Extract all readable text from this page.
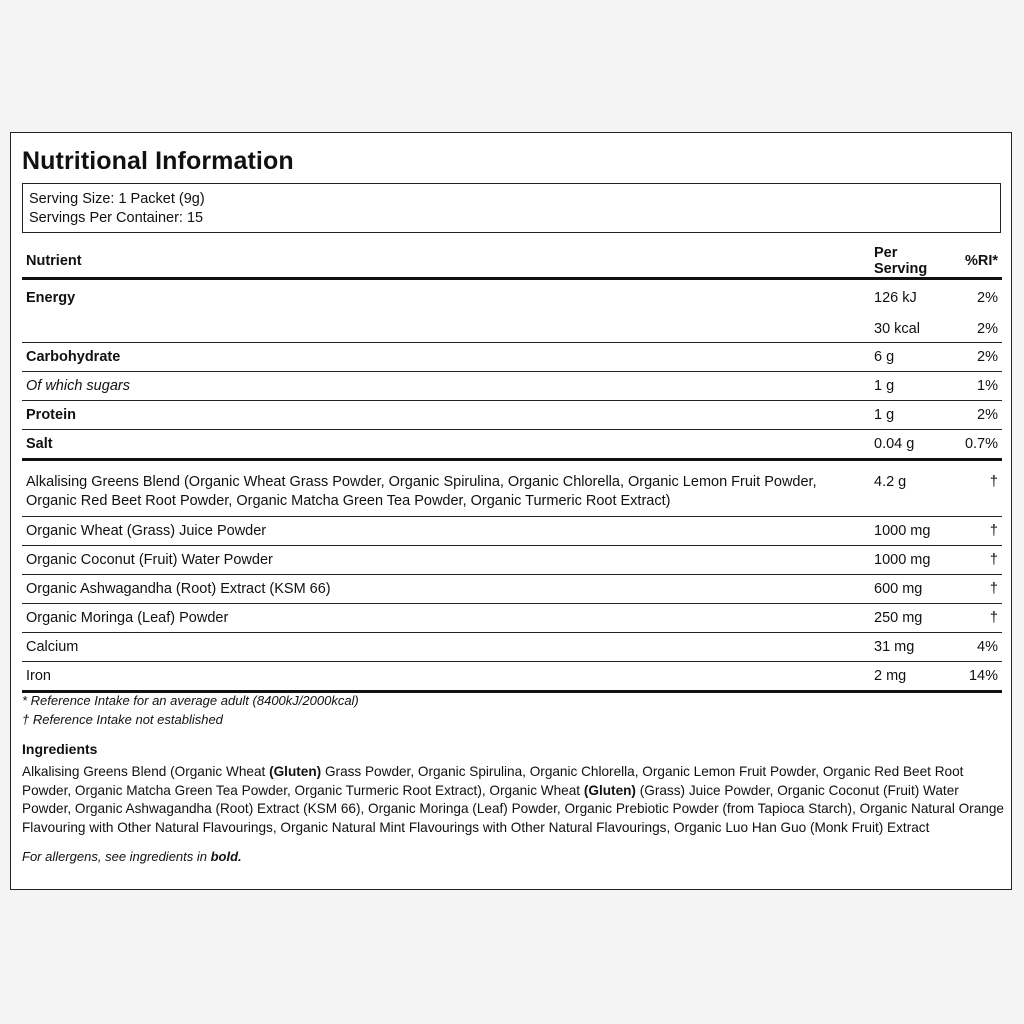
Nutritional Information
Serving Size: 1 Packet (9g)
Servings Per Container: 15
Nutrient	Per Serving	%RI*
Energy	126 kJ	2%
	30 kcal	2%
Carbohydrate	6 g	2%
Of which sugars	1 g	1%
Protein	1 g	2%
Salt	0.04 g	0.7%
Alkalising Greens Blend (Organic Wheat Grass Powder, Organic Spirulina, Organic Chlorella, Organic Lemon Fruit Powder, Organic Red Beet Root Powder, Organic Matcha Green Tea Powder, Organic Turmeric Root Extract)	4.2 g	†
Organic Wheat (Grass) Juice Powder	1000 mg	†
Organic Coconut (Fruit) Water Powder	1000 mg	†
Organic Ashwagandha (Root) Extract (KSM 66)	600 mg	†
Organic Moringa (Leaf) Powder	250 mg	†
Calcium	31 mg	4%
Iron	2 mg	14%
* Reference Intake for an average adult (8400kJ/2000kcal)
† Reference Intake not established
Ingredients
Alkalising Greens Blend (Organic Wheat (Gluten) Grass Powder, Organic Spirulina, Organic Chlorella, Organic Lemon Fruit Powder, Organic Red Beet Root Powder, Organic Matcha Green Tea Powder, Organic Turmeric Root Extract), Organic Wheat (Gluten) (Grass) Juice Powder, Organic Coconut (Fruit) Water Powder, Organic Ashwagandha (Root) Extract (KSM 66), Organic Moringa (Leaf) Powder, Organic Prebiotic Powder (from Tapioca Starch), Organic Natural Orange Flavouring with Other Natural Flavourings, Organic Natural Mint Flavourings with Other Natural Flavourings, Organic Luo Han Guo (Monk Fruit) Extract
For allergens, see ingredients in bold.
